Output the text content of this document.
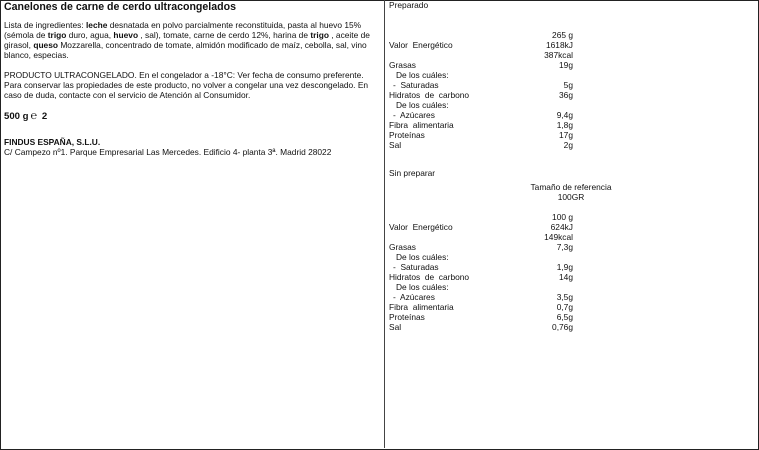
Canelones de carne de cerdo ultracongelados
Lista de ingredientes: leche desnatada en polvo parcialmente reconstituida, pasta al huevo 15% (sémola de trigo duro, agua, huevo , sal), tomate, carne de cerdo 12%, harina de trigo , aceite de girasol, queso Mozzarella, concentrado de tomate, almidón modificado de maíz, cebolla, sal, vino blanco, especias.
PRODUCTO ULTRACONGELADO. En el congelador a -18°C: Ver fecha de consumo preferente. Para conservar las propiedades de este producto, no volver a congelar una vez descongelado. En caso de duda, contacte con el servicio de Atención al Consumidor.
500 g ℮ 2
FINDUS ESPAÑA, S.L.U.
C/ Campezo nº1. Parque Empresarial Las Mercedes. Edificio 4- planta 3ª. Madrid 28022
Preparado
265 g
Valor  Energético	1618kJ
387kcal
Grasas	19g
De los cuáles:
-  Saturadas	5g
Hidratos  de  carbono	36g
De los cuáles:
-  Azúcares	9,4g
Fibra  alimentaria	1,8g
Proteínas	17g
Sal	2g
Sin preparar
Tamaño de referencia
100GR
100 g
Valor  Energético	624kJ
149kcal
Grasas	7,3g
De los cuáles:
-  Saturadas	1,9g
Hidratos  de  carbono	14g
De los cuáles:
-  Azúcares	3,5g
Fibra  alimentaria	0,7g
Proteínas	6,5g
Sal	0,76g
